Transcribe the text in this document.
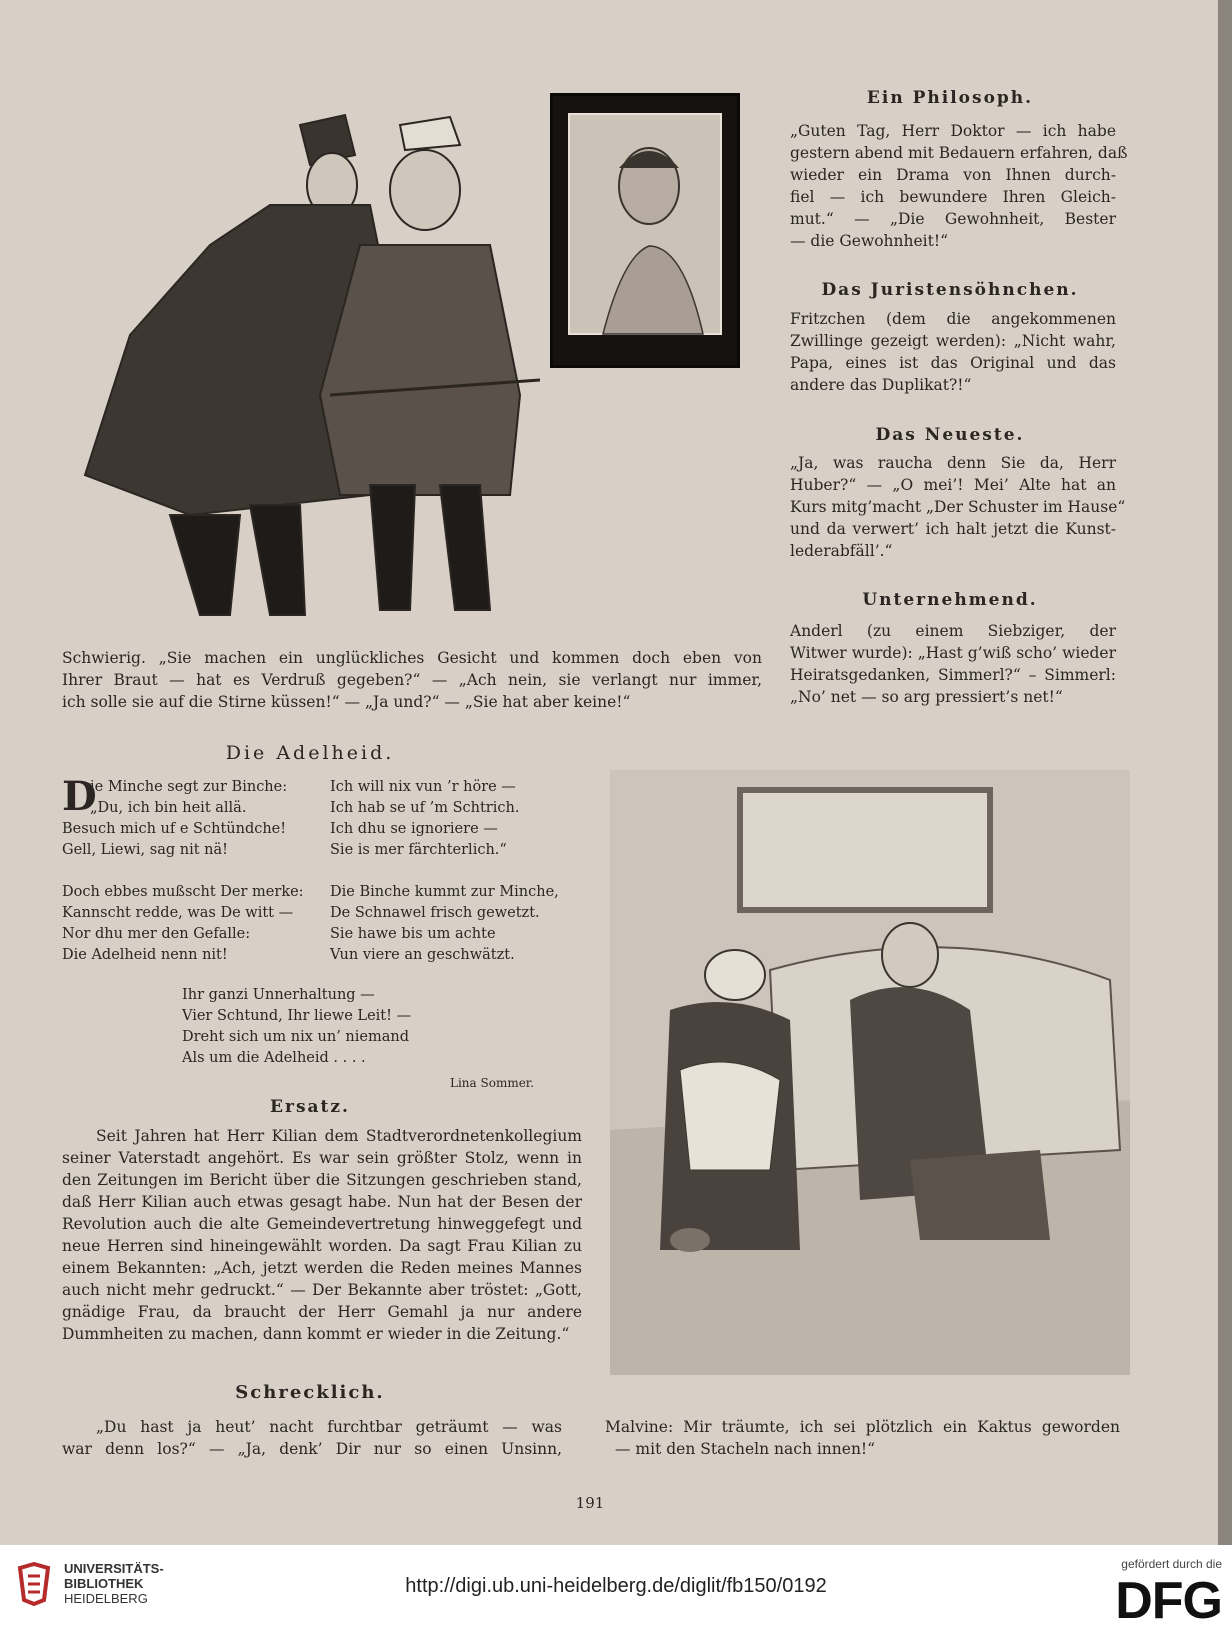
Ein Philosoph.
„Guten Tag, Herr Doktor — ich habe
gestern abend mit Bedauern erfahren, daß
wieder ein Drama von Ihnen durch-
fiel — ich bewundere Ihren Gleich-
mut.“ — „Die Gewohnheit, Bester
— die Gewohnheit!“
Das Juristensöhnchen.
Fritzchen (dem die angekommenen
Zwillinge gezeigt werden): „Nicht wahr,
Papa, eines ist das Original und das
andere das Duplikat?!“
Das Neueste.
„Ja, was raucha denn Sie da, Herr
Huber?“ — „O mei’! Mei’ Alte hat an
Kurs mitg’macht „Der Schuster im Hause“
und da verwert’ ich halt jetzt die Kunst-
lederabfäll’.“
Unternehmend.
Anderl (zu einem Siebziger, der
Witwer wurde): „Hast g’wiß scho’ wieder
Heiratsgedanken, Simmerl?“ – Simmerl:
„No’ net — so arg pressiert’s net!“
Schwierig. „Sie machen ein unglückliches Gesicht und kommen doch eben von
Ihrer Braut — hat es Verdruß gegeben?“ — „Ach nein, sie verlangt nur immer,
ich solle sie auf die Stirne küssen!“ — „Ja und?“ — „Sie hat aber keine!“
Die Adelheid.
D
ie Minche segt zur Binche:
„Du, ich bin heit allä.
Besuch mich uf e Schtündche!
Gell, Liewi, sag nit nä!
Ich will nix vun ’r höre —
Ich hab se uf ’m Schtrich.
Ich dhu se ignoriere —
Sie is mer färchterlich.“
Doch ebbes mußscht Der merke:
Kannscht redde, was De witt —
Nor dhu mer den Gefalle:
Die Adelheid nenn nit!
Die Binche kummt zur Minche,
De Schnawel frisch gewetzt.
Sie hawe bis um achte
Vun viere an geschwätzt.
Ihr ganzi Unnerhaltung —
Vier Schtund, Ihr liewe Leit! —
Dreht sich um nix un’ niemand
Als um die Adelheid . . . .
Lina Sommer.
Ersatz.
Seit Jahren hat Herr Kilian dem Stadtverordnetenkollegium
seiner Vaterstadt angehört. Es war sein größter Stolz, wenn in
den Zeitungen im Bericht über die Sitzungen geschrieben stand,
daß Herr Kilian auch etwas gesagt habe. Nun hat der Besen der
Revolution auch die alte Gemeindevertretung hinweggefegt und
neue Herren sind hineingewählt worden. Da sagt Frau Kilian zu
einem Bekannten: „Ach, jetzt werden die Reden meines Mannes
auch nicht mehr gedruckt.“ — Der Bekannte aber tröstet: „Gott,
gnädige Frau, da braucht der Herr Gemahl ja nur andere
Dummheiten zu machen, dann kommt er wieder in die Zeitung.“
Schrecklich.
„Du hast ja heut’ nacht furchtbar geträumt — was
war denn los?“ — „Ja, denk’ Dir nur so einen Unsinn,
Malvine: Mir träumte, ich sei plötzlich ein Kaktus geworden
— mit den Stacheln nach innen!“
191
UNIVERSITÄTS-
BIBLIOTHEK
HEIDELBERG
http://digi.ub.uni-heidelberg.de/diglit/fb150/0192
gefördert durch die
DFG
